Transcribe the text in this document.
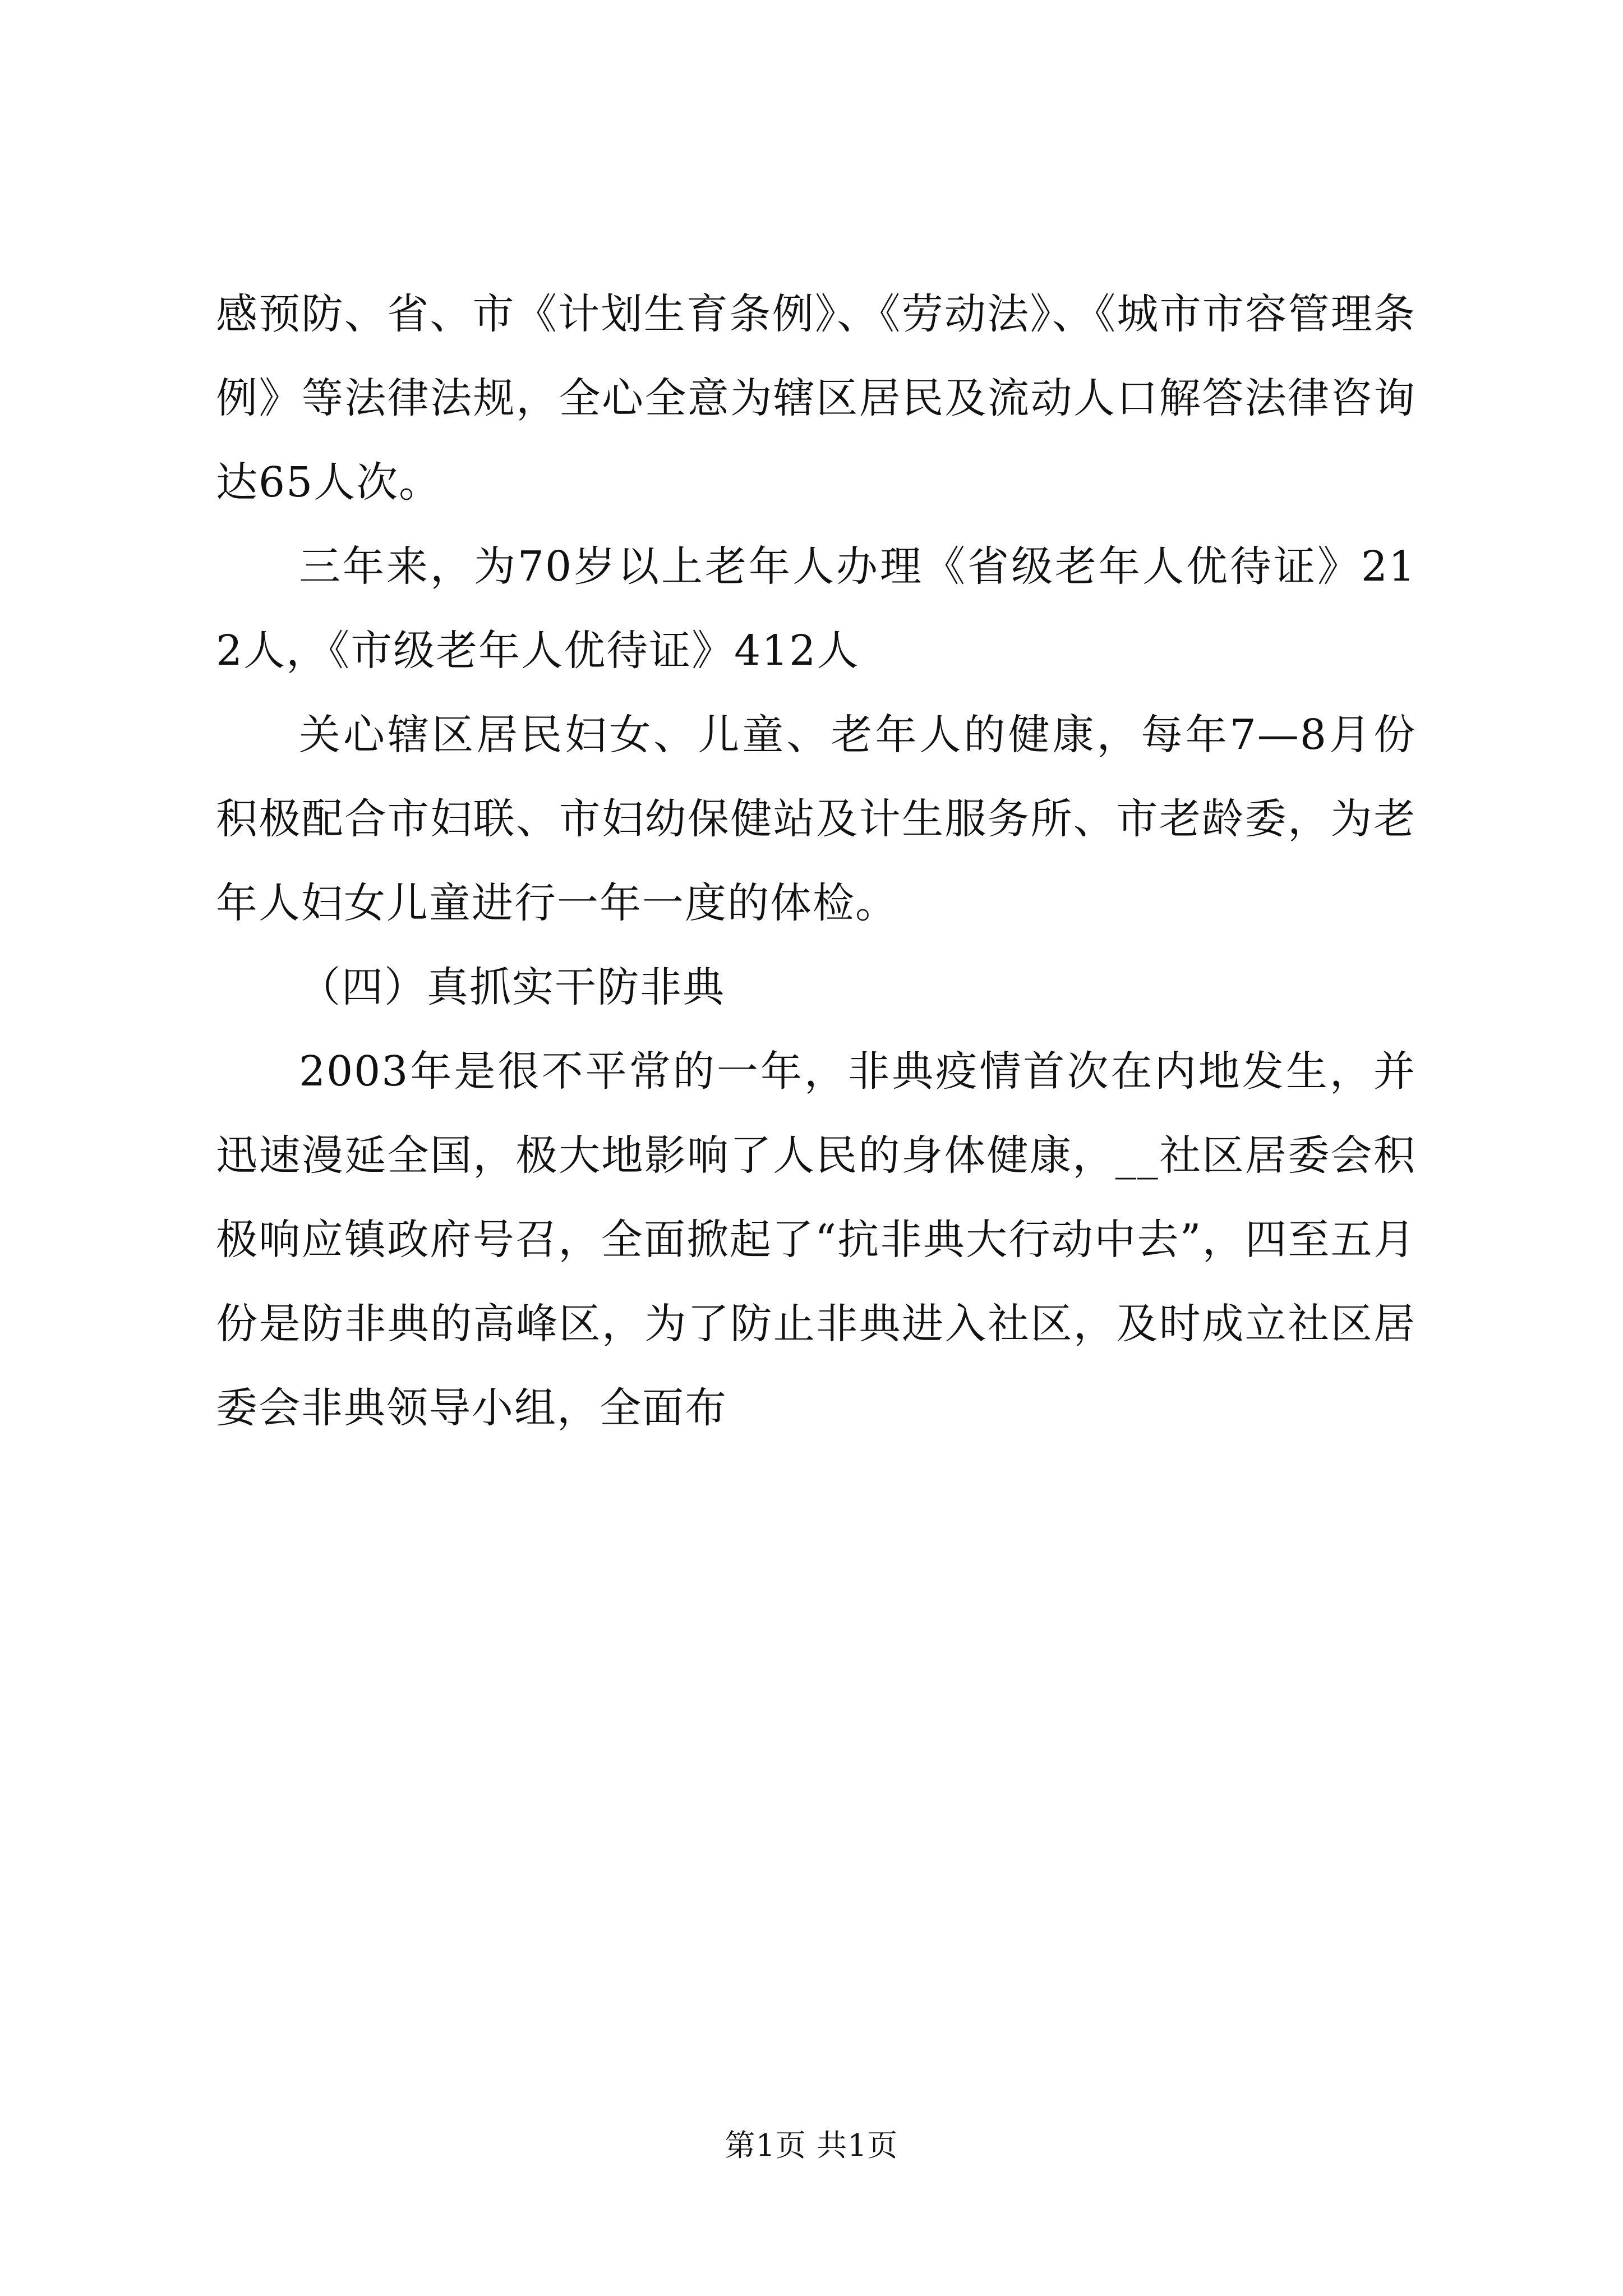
感预防、省、市《计划生育条例》、《劳动法》、《城市市容管理条例》等法律法规，全心全意为辖区居民及流动人口解答法律咨询达65人次。

三年来，为70岁以上老年人办理《省级老年人优待证》212人，《市级老年人优待证》412人

关心辖区居民妇女、儿童、老年人的健康，每年7—8月份积极配合市妇联、市妇幼保健站及计生服务所、市老龄委，为老年人妇女儿童进行一年一度的体检。

（四）真抓实干防非典

2003年是很不平常的一年，非典疫情首次在内地发生，并迅速漫延全国，极大地影响了人民的身体健康，__社区居委会积极响应镇政府号召，全面掀起了“抗非典大行动中去”，四至五月份是防非典的高峰区，为了防止非典进入社区，及时成立社区居委会非典领导小组，全面布

第1页 共1页
